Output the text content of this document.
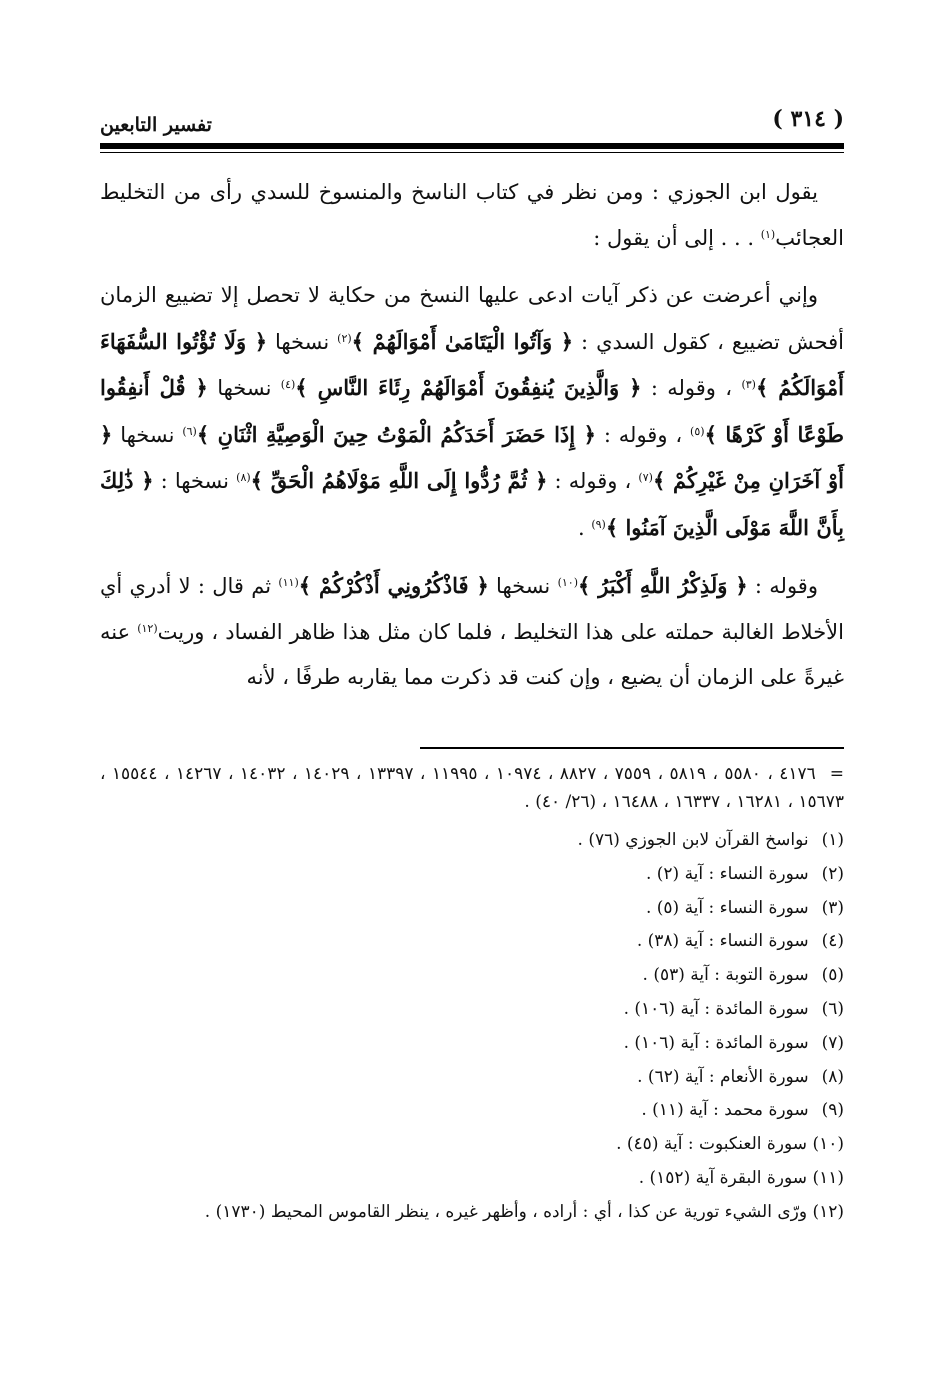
( ٣١٤ )
تفسير التابعين

يقول ابن الجوزي : ومن نظر في كتاب الناسخ والمنسوخ للسدي رأى من التخليط العجائب$^{(١)}$ . . . إلى أن يقول :

وإني أعرضت عن ذكر آيات ادعى عليها النسخ من حكاية لا تحصل إلا تضييع الزمان أفحش تضييع ، كقول السدي : ﴿ وَآتُوا الْيَتَامَىٰ أَمْوَالَهُمْ ﴾$^{(٢)}$ نسخها ﴿ وَلَا تُؤْتُوا السُّفَهَاءَ أَمْوَالَكُمُ ﴾$^{(٣)}$ ، وقوله : ﴿ وَالَّذِينَ يُنفِقُونَ أَمْوَالَهُمْ رِئَاءَ النَّاسِ ﴾$^{(٤)}$ نسخها ﴿ قُلْ أَنفِقُوا طَوْعًا أَوْ كَرْهًا ﴾$^{(٥)}$ ، وقوله : ﴿ إِذَا حَضَرَ أَحَدَكُمُ الْمَوْتُ حِينَ الْوَصِيَّةِ اثْنَانِ ﴾$^{(٦)}$ نسخها ﴿ أَوْ آخَرَانِ مِنْ غَيْرِكُمْ ﴾$^{(٧)}$ ، وقوله : ﴿ ثُمَّ رُدُّوا إِلَى اللَّهِ مَوْلَاهُمُ الْحَقِّ ﴾$^{(٨)}$ نسخها : ﴿ ذَٰلِكَ بِأَنَّ اللَّهَ مَوْلَى الَّذِينَ آمَنُوا ﴾$^{(٩)}$ .

وقوله : ﴿ وَلَذِكْرُ اللَّهِ أَكْبَرُ ﴾$^{(١٠)}$ نسخها ﴿ فَاذْكُرُونِي أَذْكُرْكُمْ ﴾$^{(١١)}$ ثم قال : لا أدري أي الأخلاط الغالبة حملته على هذا التخليط ، فلما كان مثل هذا ظاهر الفساد ، وريت$^{(١٢)}$ عنه غيرةً على الزمان أن يضيع ، وإن كنت قد ذكرت مما يقاربه طرفًا ، لأنه

=
٤١٧٦ ، ٥٥٨٠ ، ٥٨١٩ ، ٧٥٥٩ ، ٨٨٢٧ ، ١٠٩٧٤ ، ١١٩٩٥ ، ١٣٣٩٧ ، ١٤٠٢٩ ، ١٤٠٣٢ ، ١٤٢٦٧ ، ١٥٥٤٤ ، ١٥٦٧٣ ، ١٦٢٨١ ، ١٦٣٣٧ ، ١٦٤٨٨ ، (٢٦/ ٤٠) .
(١) نواسخ القرآن لابن الجوزي (٧٦) .
(٢) سورة النساء : آية (٢) .
(٣) سورة النساء : آية (٥) .
(٤) سورة النساء : آية (٣٨) .
(٥) سورة التوبة : آية (٥٣) .
(٦) سورة المائدة : آية (١٠٦) .
(٧) سورة المائدة : آية (١٠٦) .
(٨) سورة الأنعام : آية (٦٢) .
(٩) سورة محمد : آية (١١) .
(١٠) سورة العنكبوت : آية (٤٥) .
(١١) سورة البقرة آية (١٥٢) .
(١٢) ورّى الشيء تورية عن كذا ، أي : أراده ، وأظهر غيره ، ينظر القاموس المحيط (١٧٣٠) .
